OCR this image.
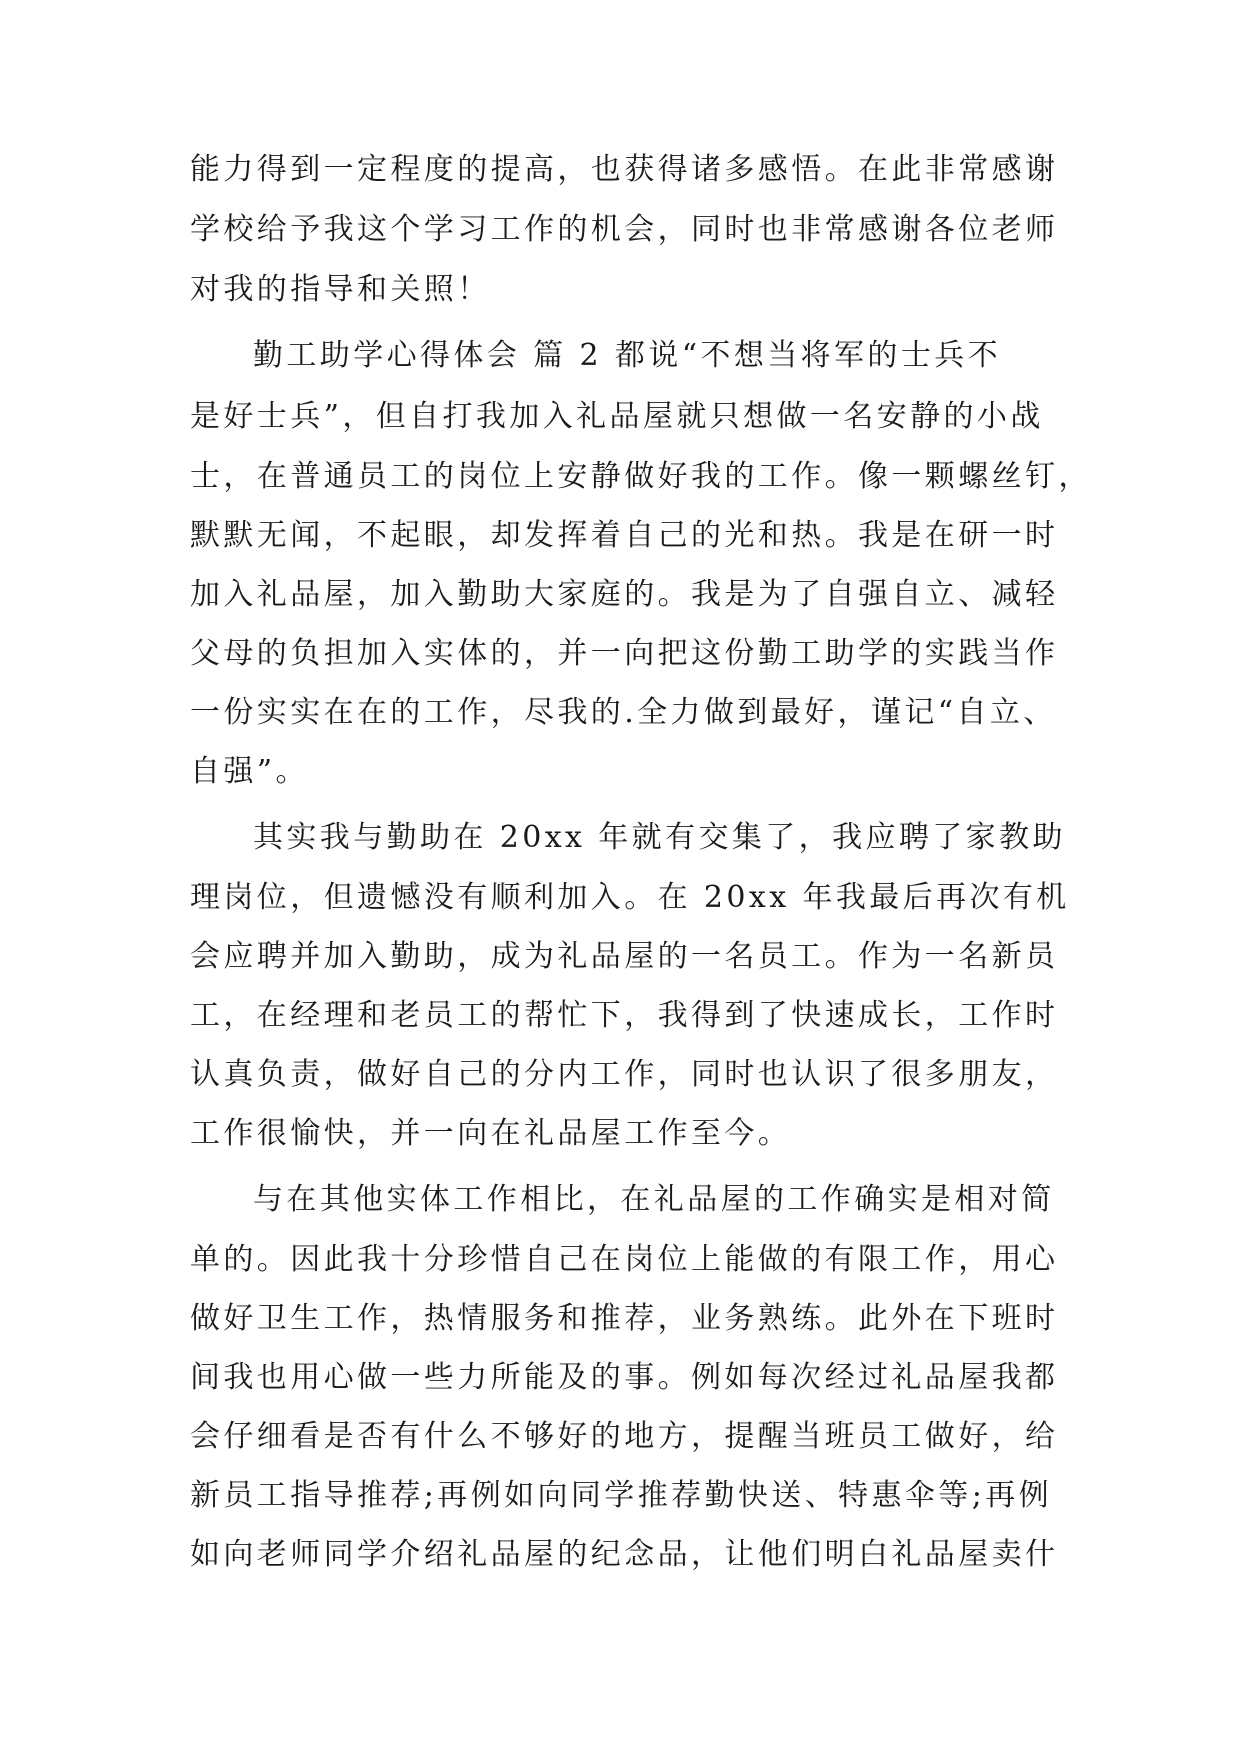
能力得到一定程度的提高，也获得诸多感悟。在此非常感谢
学校给予我这个学习工作的机会，同时也非常感谢各位老师
对我的指导和关照！
勤工助学心得体会 篇 2 都说“不想当将军的士兵不
是好士兵”，但自打我加入礼品屋就只想做一名安静的小战
士，在普通员工的岗位上安静做好我的工作。像一颗螺丝钉，
默默无闻，不起眼，却发挥着自己的光和热。我是在研一时
加入礼品屋，加入勤助大家庭的。我是为了自强自立、减轻
父母的负担加入实体的，并一向把这份勤工助学的实践当作
一份实实在在的工作，尽我的.全力做到最好，谨记“自立、
自强”。
其实我与勤助在 20xx 年就有交集了，我应聘了家教助
理岗位，但遗憾没有顺利加入。在 20xx 年我最后再次有机
会应聘并加入勤助，成为礼品屋的一名员工。作为一名新员
工，在经理和老员工的帮忙下，我得到了快速成长，工作时
认真负责，做好自己的分内工作，同时也认识了很多朋友，
工作很愉快，并一向在礼品屋工作至今。
与在其他实体工作相比，在礼品屋的工作确实是相对简
单的。因此我十分珍惜自己在岗位上能做的有限工作，用心
做好卫生工作，热情服务和推荐，业务熟练。此外在下班时
间我也用心做一些力所能及的事。例如每次经过礼品屋我都
会仔细看是否有什么不够好的地方，提醒当班员工做好，给
新员工指导推荐;再例如向同学推荐勤快送、特惠伞等;再例
如向老师同学介绍礼品屋的纪念品，让他们明白礼品屋卖什
